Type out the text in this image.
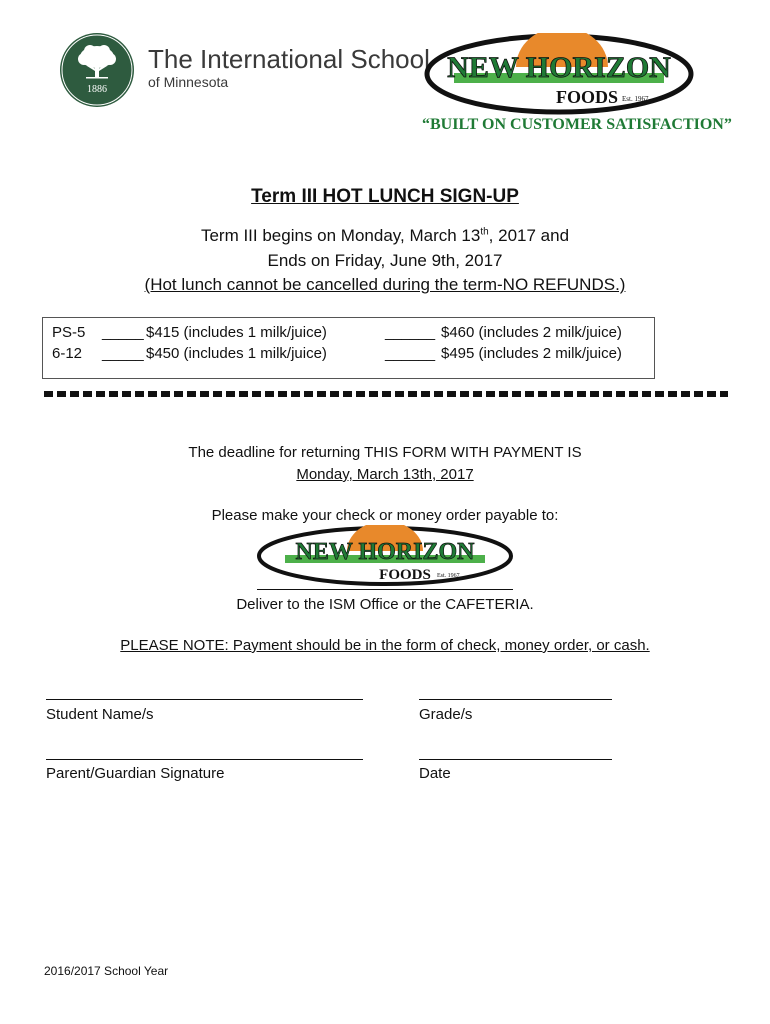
1886
The International School
of Minnesota	NEW HORIZON
FOODS Est. 1967
“BUILT ON CUSTOMER SATISFACTION”
Term III HOT LUNCH SIGN-UP
Term III begins on Monday, March 13th, 2017 and
Ends on Friday, June 9th, 2017
(Hot lunch cannot be cancelled during the term-NO REFUNDS.)
PS-5 _____ $415 (includes 1 milk/juice)	______ $460 (includes 2 milk/juice)
6-12 _____ $450 (includes 1 milk/juice)	______ $495 (includes 2 milk/juice)
The deadline for returning THIS FORM WITH PAYMENT IS
Monday, March 13th, 2017
Please make your check or money order payable to:
NEW HORIZON
FOODS Est. 1967
Deliver to the ISM Office or the CAFETERIA.
PLEASE NOTE: Payment should be in the form of check, money order, or cash.
Student Name/s	Grade/s
Parent/Guardian Signature	Date
2016/2017 School Year
